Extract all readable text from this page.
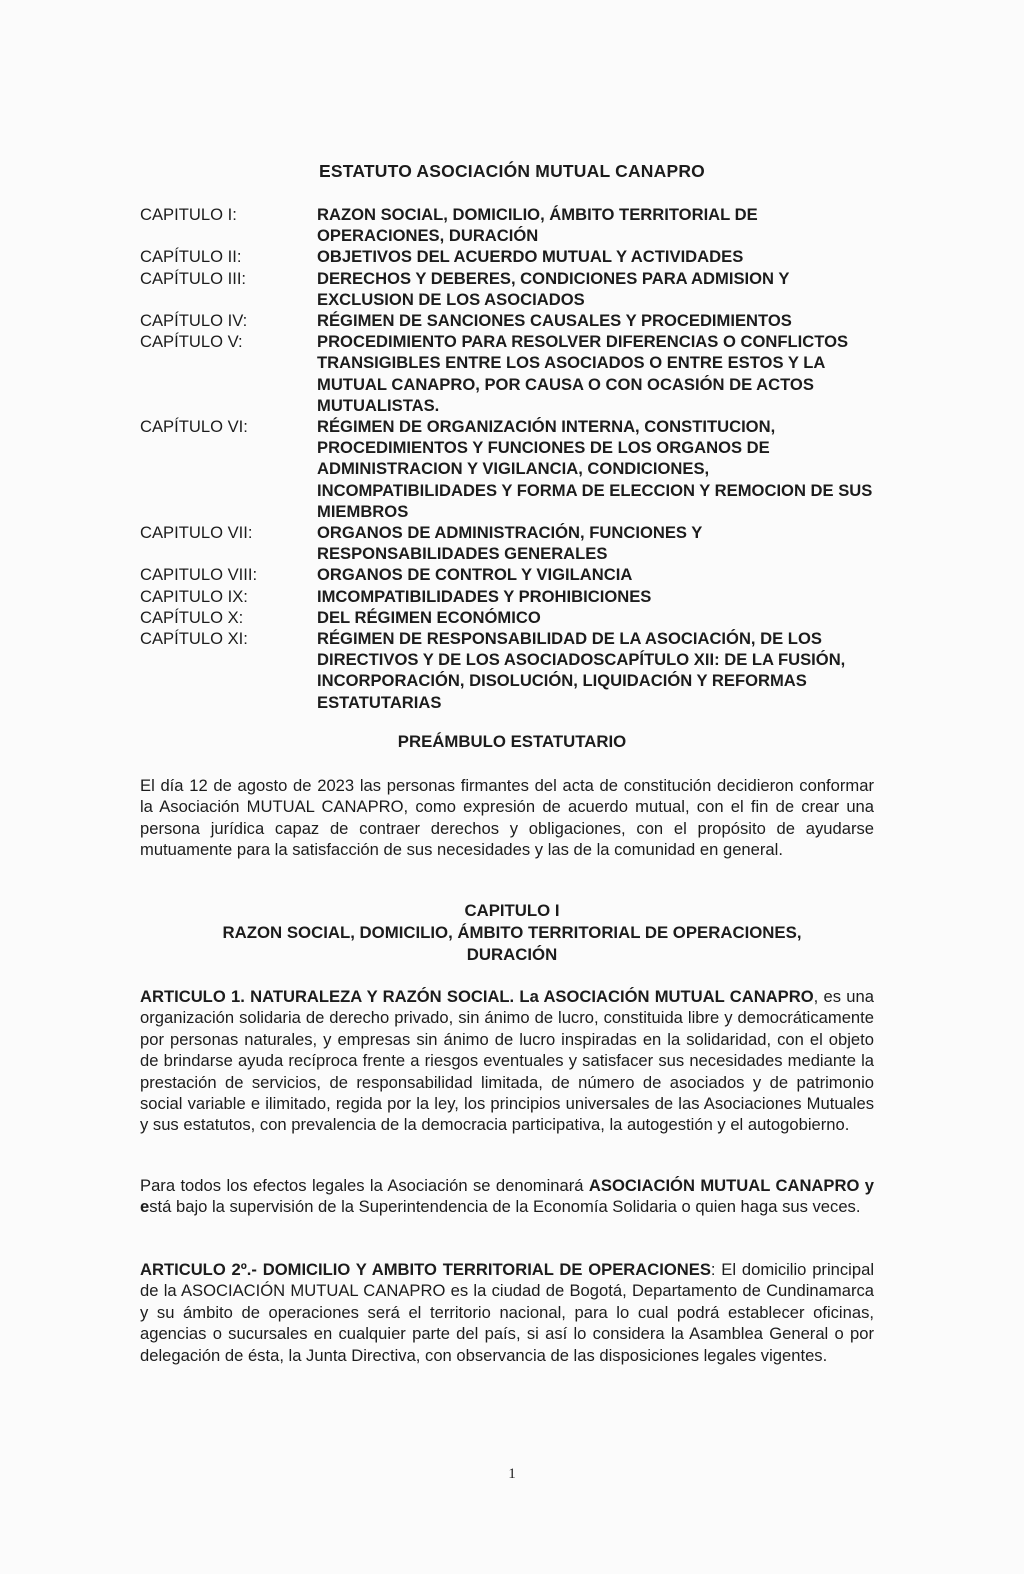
ESTATUTO ASOCIACIÓN MUTUAL CANAPRO
CAPITULO I:	RAZON SOCIAL, DOMICILIO, ÁMBITO TERRITORIAL DE OPERACIONES, DURACIÓN
CAPÍTULO II:	OBJETIVOS DEL ACUERDO MUTUAL Y ACTIVIDADES
CAPÍTULO III:	DERECHOS Y DEBERES, CONDICIONES PARA ADMISION Y EXCLUSION DE LOS ASOCIADOS
CAPÍTULO IV:	RÉGIMEN DE SANCIONES CAUSALES Y PROCEDIMIENTOS
CAPÍTULO V:	PROCEDIMIENTO PARA RESOLVER DIFERENCIAS O CONFLICTOS TRANSIGIBLES ENTRE LOS ASOCIADOS O ENTRE ESTOS Y LA MUTUAL CANAPRO, POR CAUSA O CON OCASIÓN DE ACTOS MUTUALISTAS.
CAPÍTULO VI:	RÉGIMEN DE ORGANIZACIÓN INTERNA, CONSTITUCION, PROCEDIMIENTOS Y FUNCIONES DE LOS ORGANOS DE ADMINISTRACION Y VIGILANCIA, CONDICIONES, INCOMPATIBILIDADES Y FORMA DE ELECCION Y REMOCION DE SUS MIEMBROS
CAPITULO VII:	ORGANOS DE ADMINISTRACIÓN, FUNCIONES Y RESPONSABILIDADES GENERALES
CAPITULO VIII:	ORGANOS DE CONTROL Y VIGILANCIA
CAPITULO IX:	IMCOMPATIBILIDADES Y PROHIBICIONES
CAPÍTULO X:	DEL RÉGIMEN ECONÓMICO
CAPÍTULO XI:	RÉGIMEN DE RESPONSABILIDAD DE LA ASOCIACIÓN, DE LOS DIRECTIVOS Y DE LOS ASOCIADOSCAPÍTULO XII: DE LA FUSIÓN, INCORPORACIÓN, DISOLUCIÓN, LIQUIDACIÓN Y REFORMAS ESTATUTARIAS
PREÁMBULO ESTATUTARIO
El día 12 de agosto de 2023 las personas firmantes del acta de constitución decidieron conformar la Asociación MUTUAL CANAPRO, como expresión de acuerdo mutual, con el fin de crear una persona jurídica capaz de contraer derechos y obligaciones, con el propósito de ayudarse mutuamente para la satisfacción de sus necesidades y las de la comunidad en general.
CAPITULO I
RAZON SOCIAL, DOMICILIO, ÁMBITO TERRITORIAL DE OPERACIONES,
DURACIÓN
ARTICULO 1. NATURALEZA Y RAZÓN SOCIAL. La ASOCIACIÓN MUTUAL CANAPRO, es una organización solidaria de derecho privado, sin ánimo de lucro, constituida libre y democráticamente por personas naturales, y empresas sin ánimo de lucro inspiradas en la solidaridad, con el objeto de brindarse ayuda recíproca frente a riesgos eventuales y satisfacer sus necesidades mediante la prestación de servicios, de responsabilidad limitada, de número de asociados y de patrimonio social variable e ilimitado, regida por la ley, los principios universales de las Asociaciones Mutuales y sus estatutos, con prevalencia de la democracia participativa, la autogestión y el autogobierno.
Para todos los efectos legales la Asociación se denominará ASOCIACIÓN MUTUAL CANAPRO y está bajo la supervisión de la Superintendencia de la Economía Solidaria o quien haga sus veces.
ARTICULO 2º.- DOMICILIO Y AMBITO TERRITORIAL DE OPERACIONES: El domicilio principal de la ASOCIACIÓN MUTUAL CANAPRO es la ciudad de Bogotá, Departamento de Cundinamarca y su ámbito de operaciones será el territorio nacional, para lo cual podrá establecer oficinas, agencias o sucursales en cualquier parte del país, si así lo considera la Asamblea General o por delegación de ésta, la Junta Directiva, con observancia de las disposiciones legales vigentes.
1
